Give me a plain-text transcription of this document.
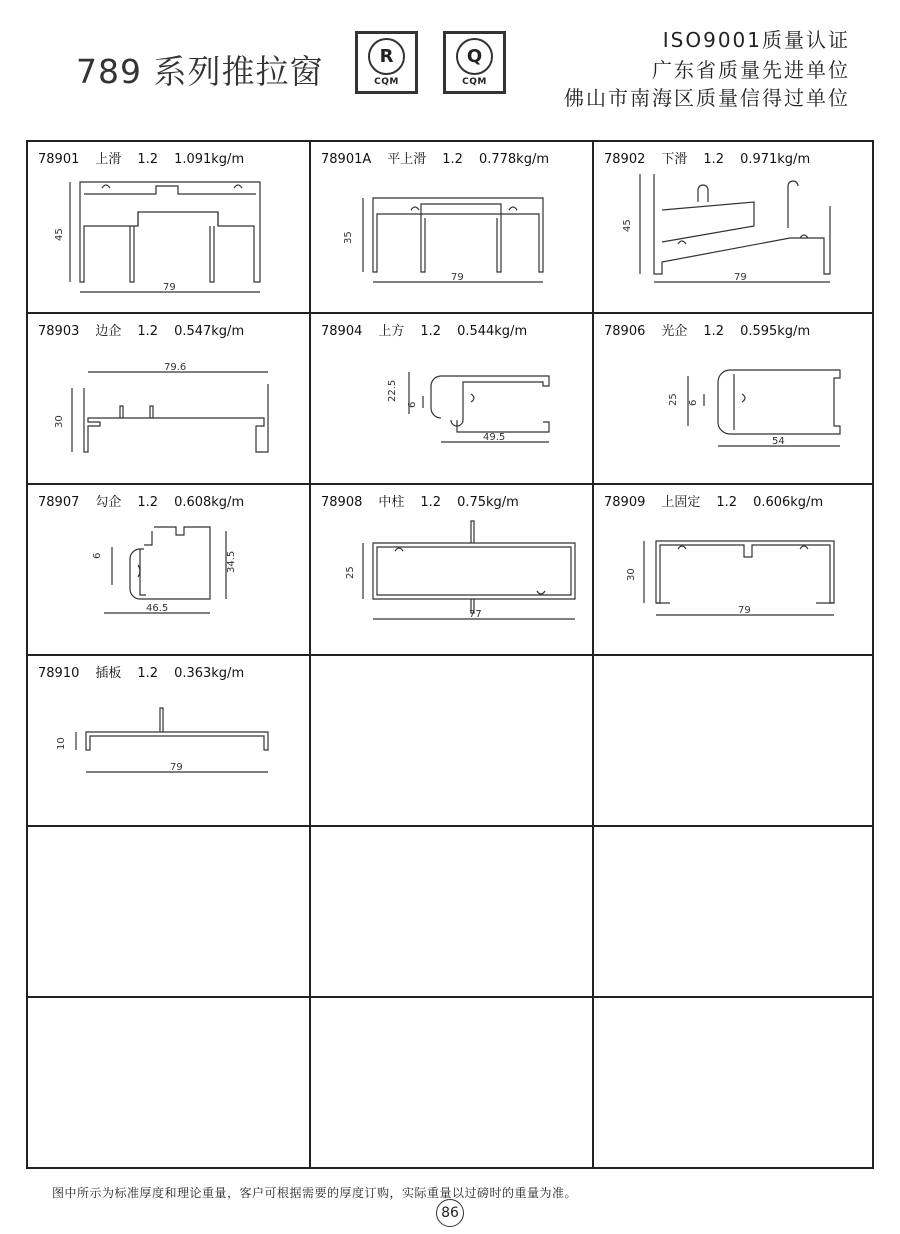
789 系列推拉窗	R
CQM
Q
CQM
ISO9001质量认证
广东省质量先进单位
佛山市南海区质量信得过单位
78901 上滑 1.2 1.091kg/m
45
79
78901A 平上滑 1.2 0.778kg/m
35
79
78902 下滑 1.2 0.971kg/m
45
79
78903 边企 1.2 0.547kg/m
79.6
30
78904 上方 1.2 0.544kg/m
22.5
6
49.5
78906 光企 1.2 0.595kg/m
25 6
54
78907 勾企 1.2 0.608kg/m
6	34.5
46.5
78908 中柱 1.2 0.75kg/m
25
77
78909 上固定 1.2 0.606kg/m
30
79
78910 插板 1.2 0.363kg/m
10
79
图中所示为标准厚度和理论重量，客户可根据需要的厚度订购，实际重量以过磅时的重量为准。
86
